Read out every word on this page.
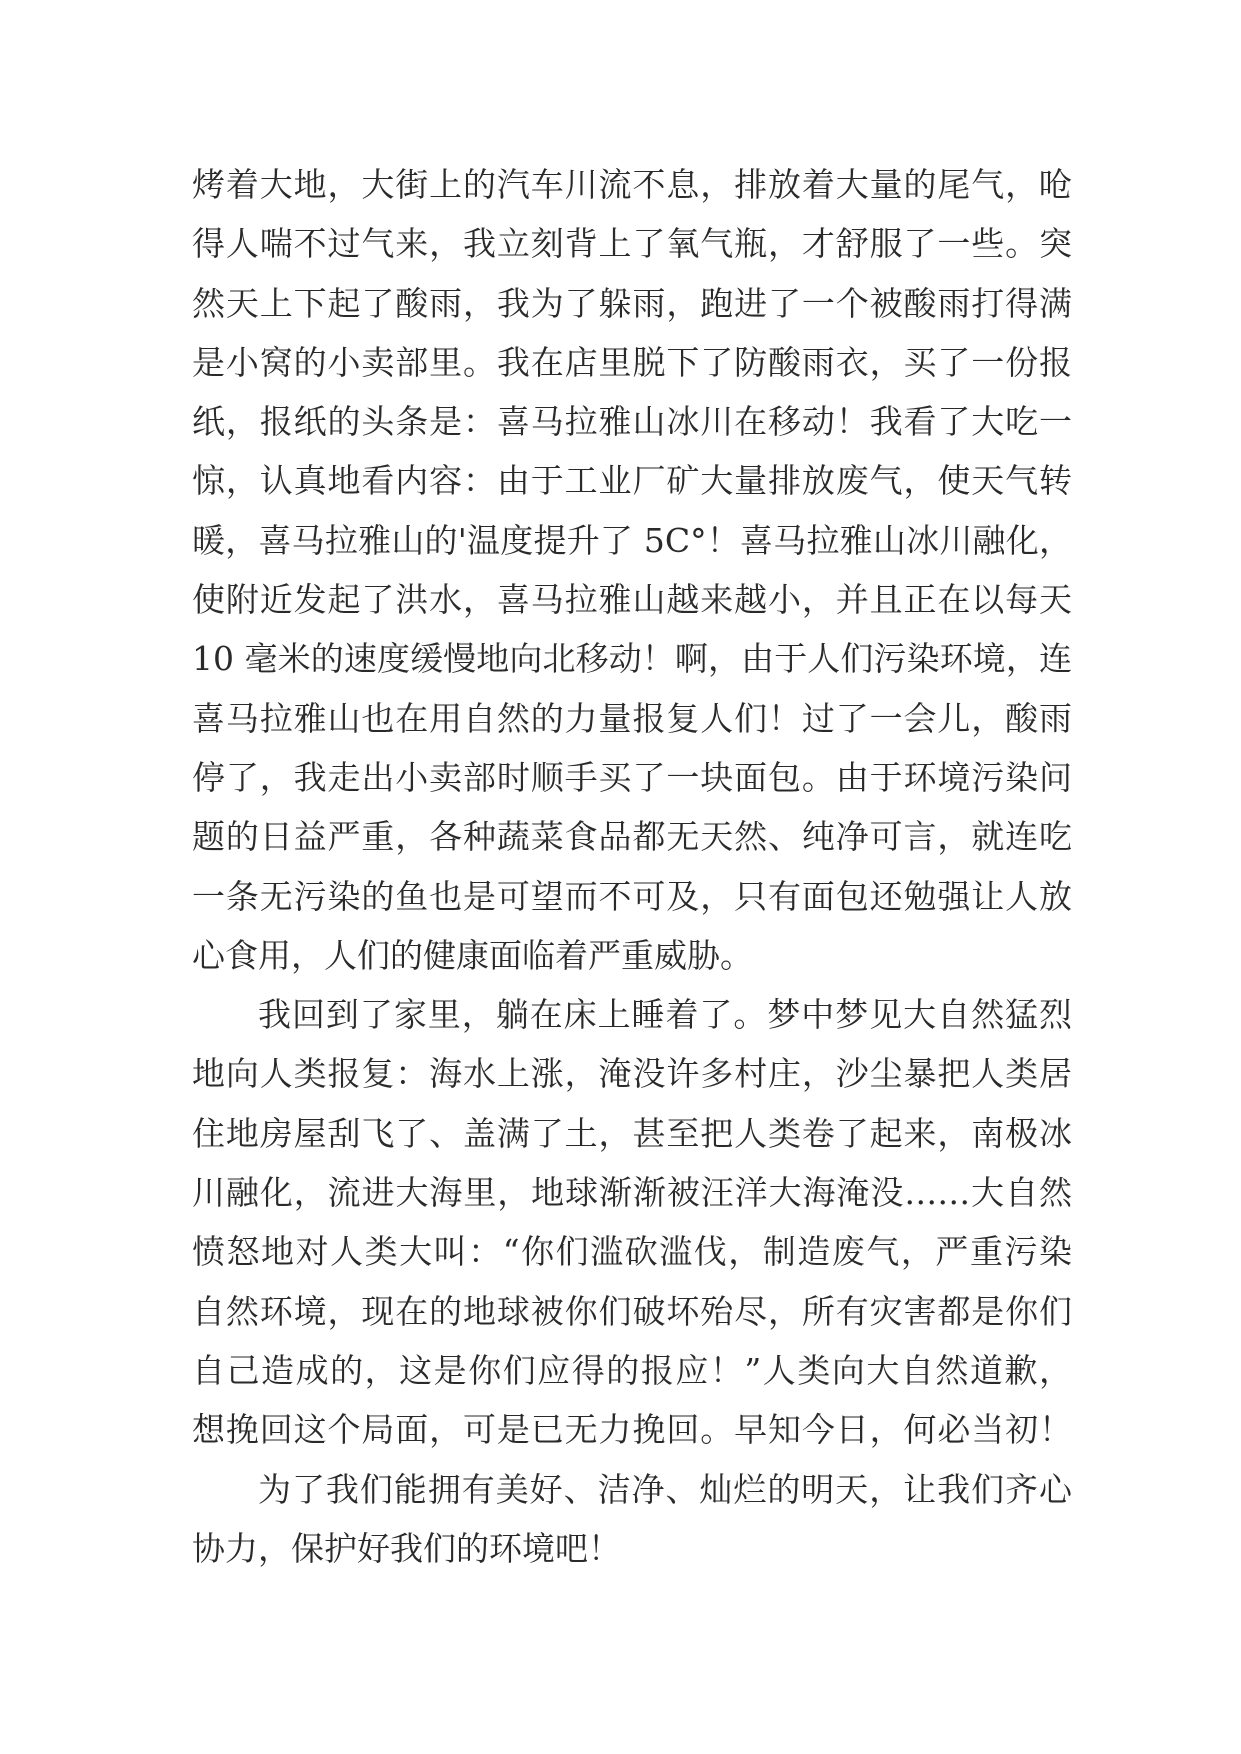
烤着大地，大街上的汽车川流不息，排放着大量的尾气，呛
得人喘不过气来，我立刻背上了氧气瓶，才舒服了一些。突
然天上下起了酸雨，我为了躲雨，跑进了一个被酸雨打得满
是小窝的小卖部里。我在店里脱下了防酸雨衣，买了一份报
纸，报纸的头条是：喜马拉雅山冰川在移动！我看了大吃一
惊，认真地看内容：由于工业厂矿大量排放废气，使天气转
暖，喜马拉雅山的'温度提升了 5C°！喜马拉雅山冰川融化，
使附近发起了洪水，喜马拉雅山越来越小，并且正在以每天
10 毫米的速度缓慢地向北移动！啊，由于人们污染环境，连
喜马拉雅山也在用自然的力量报复人们！过了一会儿，酸雨
停了，我走出小卖部时顺手买了一块面包。由于环境污染问
题的日益严重，各种蔬菜食品都无天然、纯净可言，就连吃
一条无污染的鱼也是可望而不可及，只有面包还勉强让人放
心食用，人们的健康面临着严重威胁。
我回到了家里，躺在床上睡着了。梦中梦见大自然猛烈
地向人类报复：海水上涨，淹没许多村庄，沙尘暴把人类居
住地房屋刮飞了、盖满了土，甚至把人类卷了起来，南极冰
川融化，流进大海里，地球渐渐被汪洋大海淹没……大自然
愤怒地对人类大叫：“你们滥砍滥伐，制造废气，严重污染
自然环境，现在的地球被你们破坏殆尽，所有灾害都是你们
自己造成的，这是你们应得的报应！”人类向大自然道歉，
想挽回这个局面，可是已无力挽回。早知今日，何必当初！
为了我们能拥有美好、洁净、灿烂的明天，让我们齐心
协力，保护好我们的环境吧！
